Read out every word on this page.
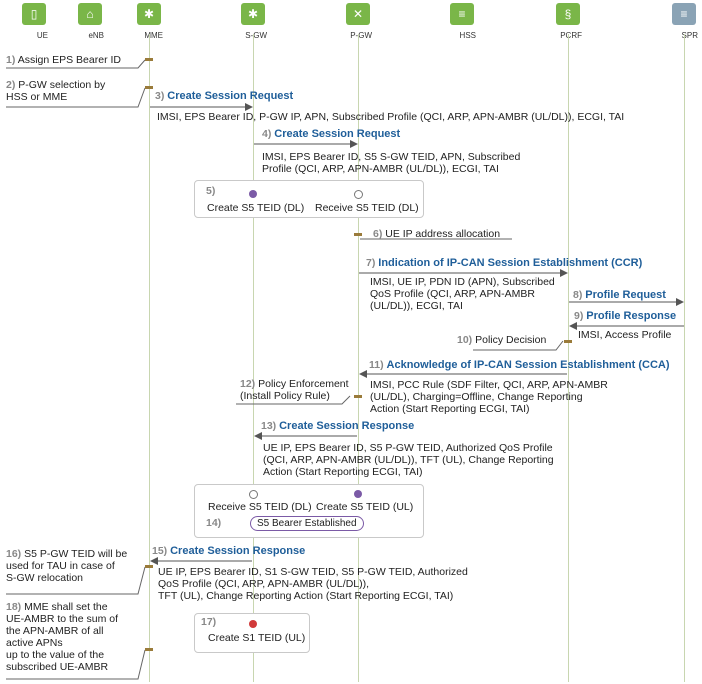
▯
UE
⌂
eNB
✱
MME
✱
S-GW
✕
P-GW
≡
HSS
§
PCRF
≡
SPR
1) Assign EPS Bearer ID
2) P-GW selection by
HSS or MME	3) Create Session Request
IMSI, EPS Bearer ID, P-GW IP, APN, Subscribed Profile (QCI, ARP, APN-AMBR (UL/DL)), ECGI, TAI
4) Create Session Request
IMSI, EPS Bearer ID, S5 S-GW TEID, APN, Subscribed
Profile (QCI, ARP, APN-AMBR (UL/DL)), ECGI, TAI
5)
Create S5 TEID (DL) Receive S5 TEID (DL)
6) UE IP address allocation
7) Indication of IP-CAN Session Establishment (CCR)
IMSI, UE IP, PDN ID (APN), Subscribed
QoS Profile (QCI, ARP, APN-AMBR
(UL/DL)), ECGI, TAI
8) Profile Request
9) Profile Response
IMSI, Access Profile
10) Policy Decision
11) Acknowledge of IP-CAN Session Establishment (CCA)
IMSI, PCC Rule (SDF Filter, QCI, ARP, APN-AMBR
(UL/DL), Charging=Offline, Change Reporting
Action (Start Reporting ECGI, TAI)
12) Policy Enforcement
(Install Policy Rule)
13) Create Session Response
UE IP, EPS Bearer ID, S5 P-GW TEID, Authorized QoS Profile
(QCI, ARP, APN-AMBR (UL/DL)), TFT (UL), Change Reporting
Action (Start Reporting ECGI, TAI)
Receive S5 TEID (DL) Create S5 TEID (UL)
14)	S5 Bearer Established
15) Create Session Response
UE IP, EPS Bearer ID, S1 S-GW TEID, S5 P-GW TEID, Authorized
QoS Profile (QCI, ARP, APN-AMBR (UL/DL)),
TFT (UL), Change Reporting Action (Start Reporting ECGI, TAI)
16) S5 P-GW TEID will be
used for TAU in case of
S-GW relocation
17)
Create S1 TEID (UL)
18) MME shall set the
UE-AMBR to the sum of
the APN-AMBR of all
active APNs
up to the value of the
subscribed UE-AMBR
